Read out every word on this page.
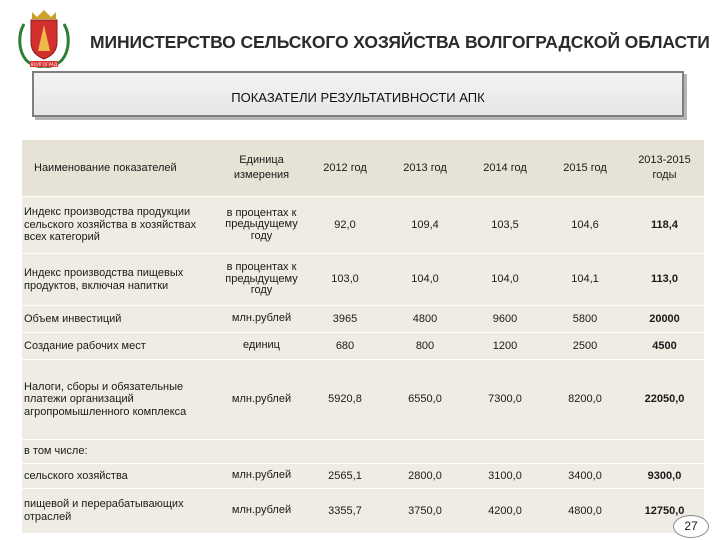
ВОЛГОГРАД
МИНИСТЕРСТВО СЕЛЬСКОГО ХОЗЯЙСТВА ВОЛГОГРАДСКОЙ ОБЛАСТИ
ПОКАЗАТЕЛИ РЕЗУЛЬТАТИВНОСТИ АПК
Наименование показателей	Единица измерения	2012 год	2013 год	2014 год	2015 год	2013-2015 годы
Индекс производства продукции сельского хозяйства в хозяйствах всех категорий	в процентах к предыдущему году	92,0	109,4	103,5	104,6	118,4
Индекс производства пищевых продуктов, включая напитки	в процентах к предыдущему году	103,0	104,0	104,0	104,1	113,0
Объем инвестиций	млн.рублей	3965	4800	9600	5800	20000
Создание рабочих мест	единиц	680	800	1200	2500	4500
Налоги, сборы и обязательные платежи организаций агропромышленного комплекса	млн.рублей	5920,8	6550,0	7300,0	8200,0	22050,0
в том числе:						
сельского хозяйства	млн.рублей	2565,1	2800,0	3100,0	3400,0	9300,0
пищевой и перерабатывающих отраслей	млн.рублей	3355,7	3750,0	4200,0	4800,0	12750,0
27
